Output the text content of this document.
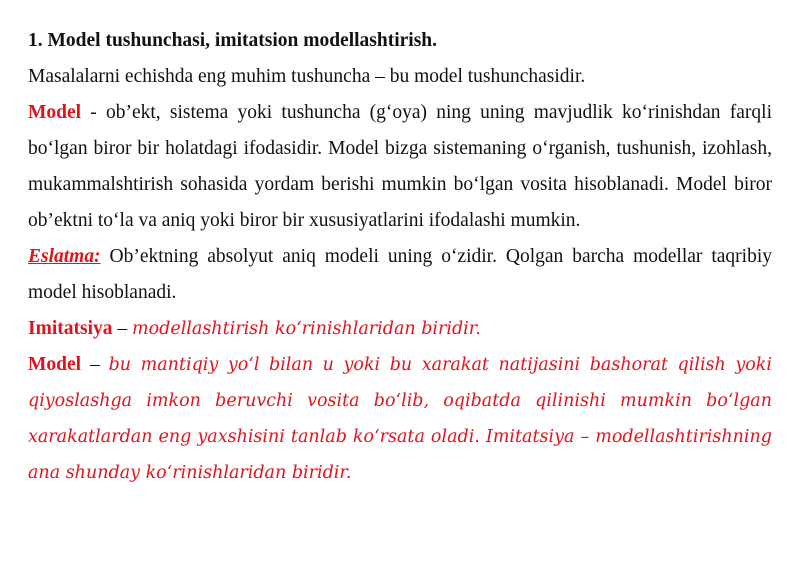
1. Model tushunchasi, imitatsion modellashtirish.

Masalalarni echishda eng muhim tushuncha – bu model tushunchasidir.

Model - ob’ekt, sistema yoki tushuncha (g‘oya) ning uning mavjudlik ko‘rinishdan farqli bo‘lgan biror bir holatdagi ifodasidir. Model bizga sistemaning o‘rganish, tushunish, izohlash, mukammalshtirish sohasida yordam berishi mumkin bo‘lgan vosita hisoblanadi. Model biror ob’ektni to‘la va aniq yoki biror bir xususiyatlarini ifodalashi mumkin.

Eslatma: Ob’ektning absolyut aniq modeli uning o‘zidir. Qolgan barcha modellar taqribiy model hisoblanadi.

Imitatsiya – modellashtirish ko‘rinishlaridan biridir.

Model – bu mantiqiy yo‘l bilan u yoki bu xarakat natijasini bashorat qilish yoki qiyoslashga imkon beruvchi vosita bo‘lib, oqibatda qilinishi mumkin bo‘lgan xarakatlardan eng yaxshisini tanlab ko‘rsata oladi. Imitatsiya – modellashtirishning ana shunday ko‘rinishlaridan biridir.
